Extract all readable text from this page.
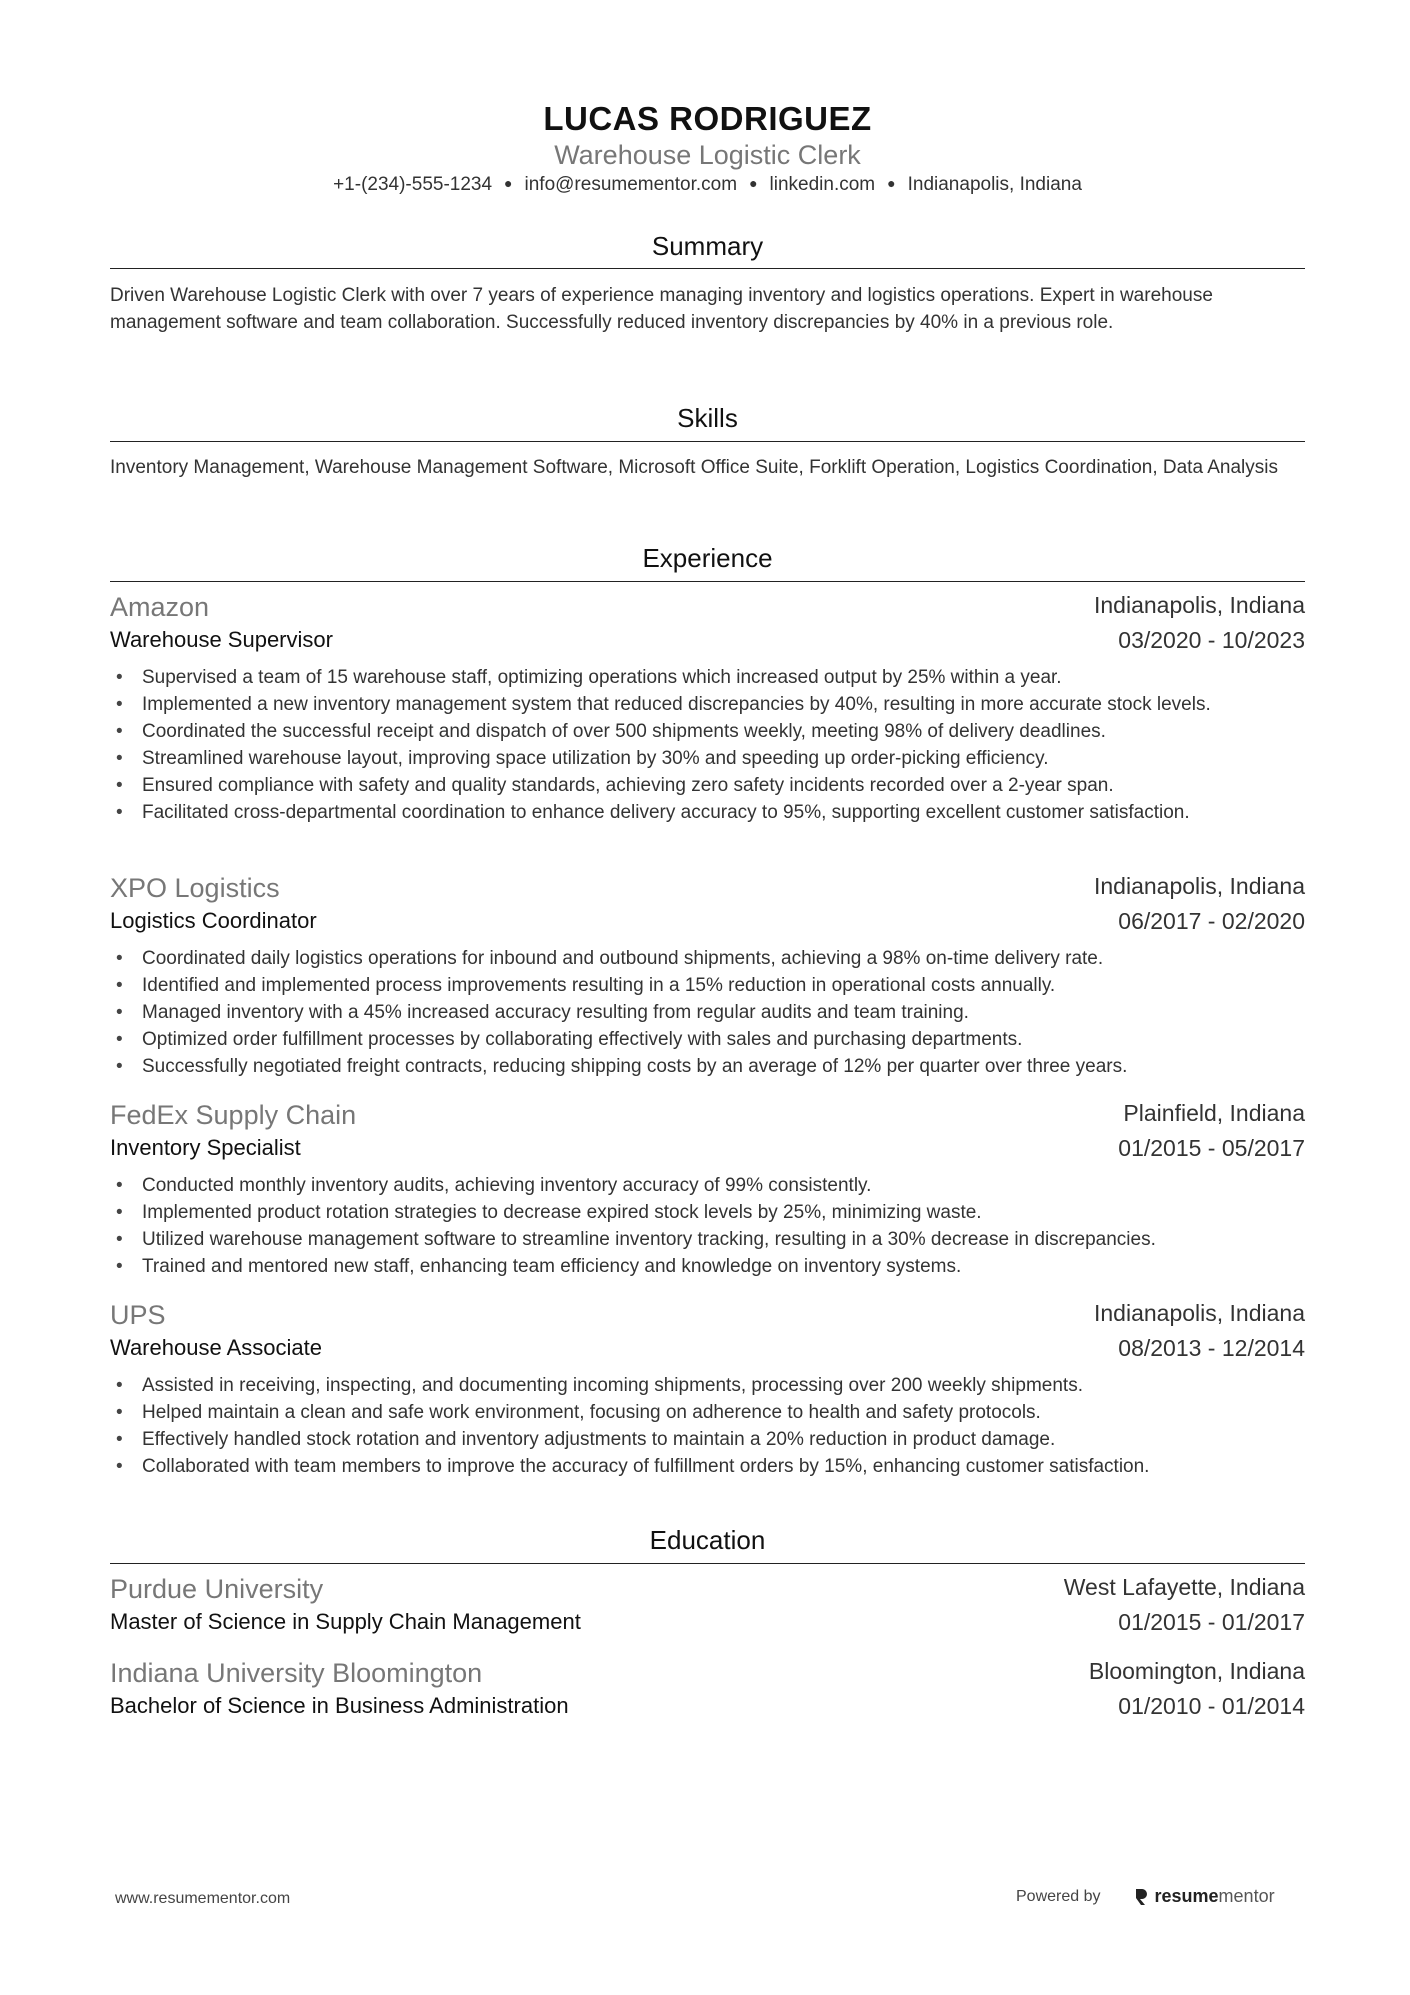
LUCAS RODRIGUEZ
Warehouse Logistic Clerk
+1-(234)-555-1234 ● info@resumementor.com ● linkedin.com ● Indianapolis, Indiana
Summary
Driven Warehouse Logistic Clerk with over 7 years of experience managing inventory and logistics operations. Expert in warehouse management software and team collaboration. Successfully reduced inventory discrepancies by 40% in a previous role.
Skills
Inventory Management, Warehouse Management Software, Microsoft Office Suite, Forklift Operation, Logistics Coordination, Data Analysis
Experience
Amazon	Indianapolis, Indiana
Warehouse Supervisor	03/2020 - 10/2023
• Supervised a team of 15 warehouse staff, optimizing operations which increased output by 25% within a year.
• Implemented a new inventory management system that reduced discrepancies by 40%, resulting in more accurate stock levels.
• Coordinated the successful receipt and dispatch of over 500 shipments weekly, meeting 98% of delivery deadlines.
• Streamlined warehouse layout, improving space utilization by 30% and speeding up order-picking efficiency.
• Ensured compliance with safety and quality standards, achieving zero safety incidents recorded over a 2-year span.
• Facilitated cross-departmental coordination to enhance delivery accuracy to 95%, supporting excellent customer satisfaction.
XPO Logistics	Indianapolis, Indiana
Logistics Coordinator	06/2017 - 02/2020
• Coordinated daily logistics operations for inbound and outbound shipments, achieving a 98% on-time delivery rate.
• Identified and implemented process improvements resulting in a 15% reduction in operational costs annually.
• Managed inventory with a 45% increased accuracy resulting from regular audits and team training.
• Optimized order fulfillment processes by collaborating effectively with sales and purchasing departments.
• Successfully negotiated freight contracts, reducing shipping costs by an average of 12% per quarter over three years.
FedEx Supply Chain	Plainfield, Indiana
Inventory Specialist	01/2015 - 05/2017
• Conducted monthly inventory audits, achieving inventory accuracy of 99% consistently.
• Implemented product rotation strategies to decrease expired stock levels by 25%, minimizing waste.
• Utilized warehouse management software to streamline inventory tracking, resulting in a 30% decrease in discrepancies.
• Trained and mentored new staff, enhancing team efficiency and knowledge on inventory systems.
UPS	Indianapolis, Indiana
Warehouse Associate	08/2013 - 12/2014
• Assisted in receiving, inspecting, and documenting incoming shipments, processing over 200 weekly shipments.
• Helped maintain a clean and safe work environment, focusing on adherence to health and safety protocols.
• Effectively handled stock rotation and inventory adjustments to maintain a 20% reduction in product damage.
• Collaborated with team members to improve the accuracy of fulfillment orders by 15%, enhancing customer satisfaction.
Education
Purdue University	West Lafayette, Indiana
Master of Science in Supply Chain Management	01/2015 - 01/2017
Indiana University Bloomington	Bloomington, Indiana
Bachelor of Science in Business Administration	01/2010 - 01/2014
www.resumementor.com	Powered by	resume mentor
